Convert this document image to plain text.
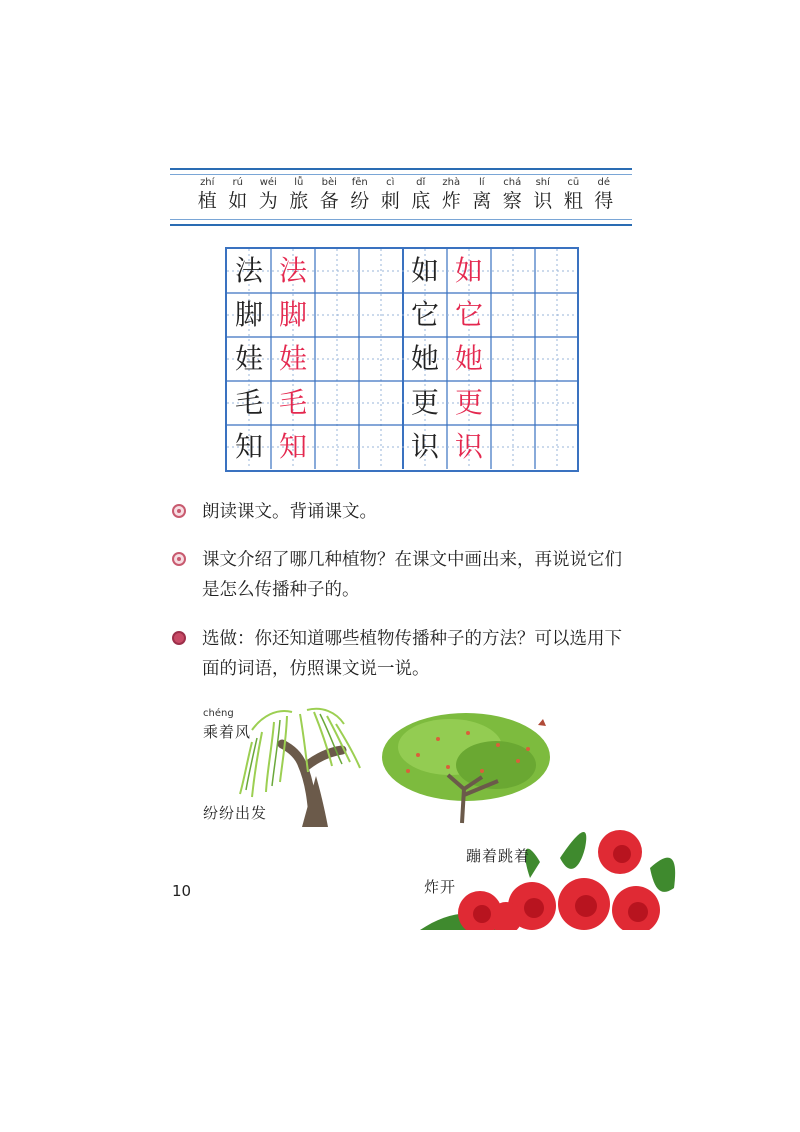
zhí
植
rú
如
wéi
为
lǚ
旅
bèi
备
fēn
纷
cì
刺
dǐ
底
zhà
炸
lí
离
chá
察
shí
识
cū
粗
dé
得
法 法
脚 脚
娃 娃
毛 毛
知 知
如 如
它 它
她 她
更 更
识 识
朗读课文。背诵课文。
课文介绍了哪几种植物？在课文中画出来，再说说它们是怎么传播种子的。
选做：你还知道哪些植物传播种子的方法？可以选用下面的词语，仿照课文说一说。
chéng
乘着风
纷纷出发
蹦着跳着
炸开
10
